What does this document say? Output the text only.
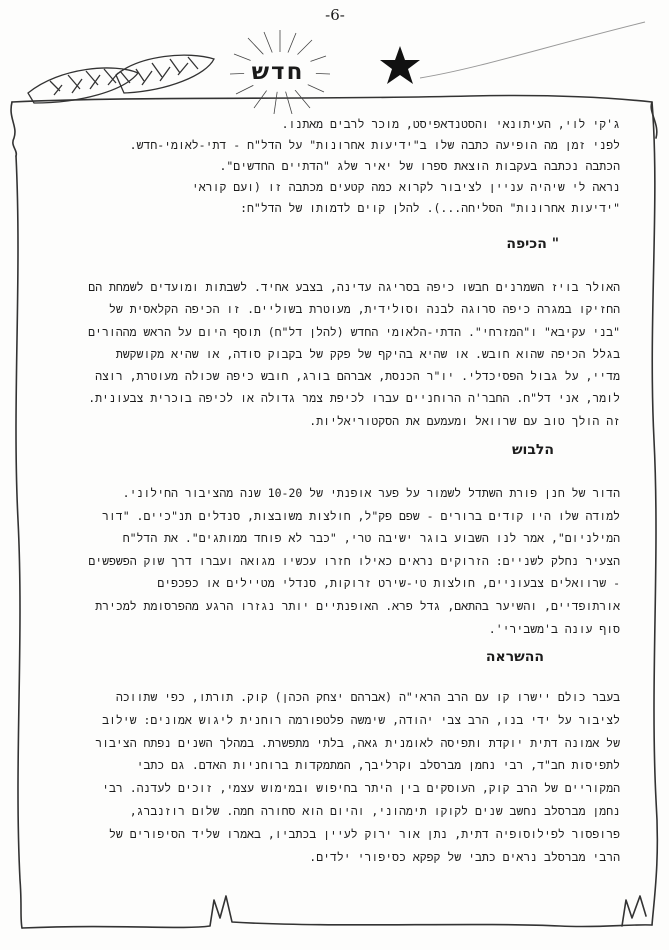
-6-
חדש

ג'קי לוי, העיתונאי והסטנדאפיסט, מוכר לרבים מאתנו.

לפני זמן מה הופיעה כתבה שלו ב"ידיעות אחרונות" על הדל"ח - דתי-לאומי-חדש.

הכתבה נכתבה בעקבות הוצאת ספרו של יאיר שלג "הדתיים החדשים".

נראה לי שיהיה עניין לציבור לקרוא כמה קטעים מכתבה זו (ועם קוראי

"ידיעות אחרונות" הסליחה...). להלן קוים לדמותו של הדל"ח:

" הכיפה

האולר בויז השמרנים חבשו כיפה בסריגה עדינה, בצבע אחיד. לשבתות ומועדים לשמחת הם

החזיקו במגרה כיפה סרוגה לבנה וסולידית, מעוטרת בשוליים. זו הכיפה הקלאסית של

"בני עקיבא" ו"המזרחי". הדתי-הלאומי החדש (להלן דל"ח) תוסף היום על הראש מההורים

בגלל הכיפה שהוא חובש. או שהיא בהיקף של פקק של בקבוק סודה, או שהיא מקושקשת

מדיי, על גבול הפסיכדלי. יו"ר הכנסת, אברהם בורג, חובש כיפה שכולה מעוטרת, רוצה

לומר, אני דל"ח. החבר'ה הרוחניים עברו לכיפת צמר גדולה או לכיפה בוכרית צבעונית.

זה הולך טוב עם שרוואל ומעמעם את הסקטוריאליות.

הלבוש

הדור של חנן פורת השתדל לשמור על פער אופנתי של 10-20 שנה מהציבור החילוני.

למודה שלו היו קודים ברורים - שפם פק"ל, חולצות משובצות, סנדלים תנ"כיים. "דור

המילניום", אמר לנו השבוע בוגר ישיבה טרי, "כבר לא פוחד ממותגים". את הדל"ח

הצעיר נחלק לשניים: הזרוקים נראים כאילו חזרו עכשיו מגואה ועברו דרך שוק הפשפשים

- שרוואלים צבעוניים, חולצות טי-שירט זרוקות, סנדלי מטיילים או כפכפים

אורתופדיים, והשיער בהתאם, גדל פרא. האופנתיים יותר נגזרו הרגע מהפרסומת למכירת

סוף עונה ב'משבירי'.

ההשראה

בעבר כולם יישרו קו עם הרב הראי"ה (אברהם יצחק הכהן) קוק. תורתו, כפי שתווכה

לציבור על ידי בנו, הרב צבי יהודה, שימשה פלטפורמה רוחנית ליגוש אמונים: שילוב

של אמונה דתית יוקדת ותפיסה לאומנית גאה, בלתי מתפשרת. במהלך השנים נפתח הציבור

לתפיסות חב"ד, רבי נחמן מברסלב וקרליבך, המתמקדות ברוחניות האדם. גם כתבי

המקוריים של הרב קוק, העוסקים בין היתר בחיפוש ובמימוש עצמי, זוכים לעדנה. רבי

נחמן מברסלב נחשב שנים לקוקו תימהוני, והיום הוא סחורה חמה. שלום רוזנברג,

פרופסור לפילוסופיה דתית, נתן אור ירוק לעיין בכתביו, באמרו שליד הסיפורים של

הרבי מברסלב נראים כתבי של קפקא כסיפורי ילדים.
